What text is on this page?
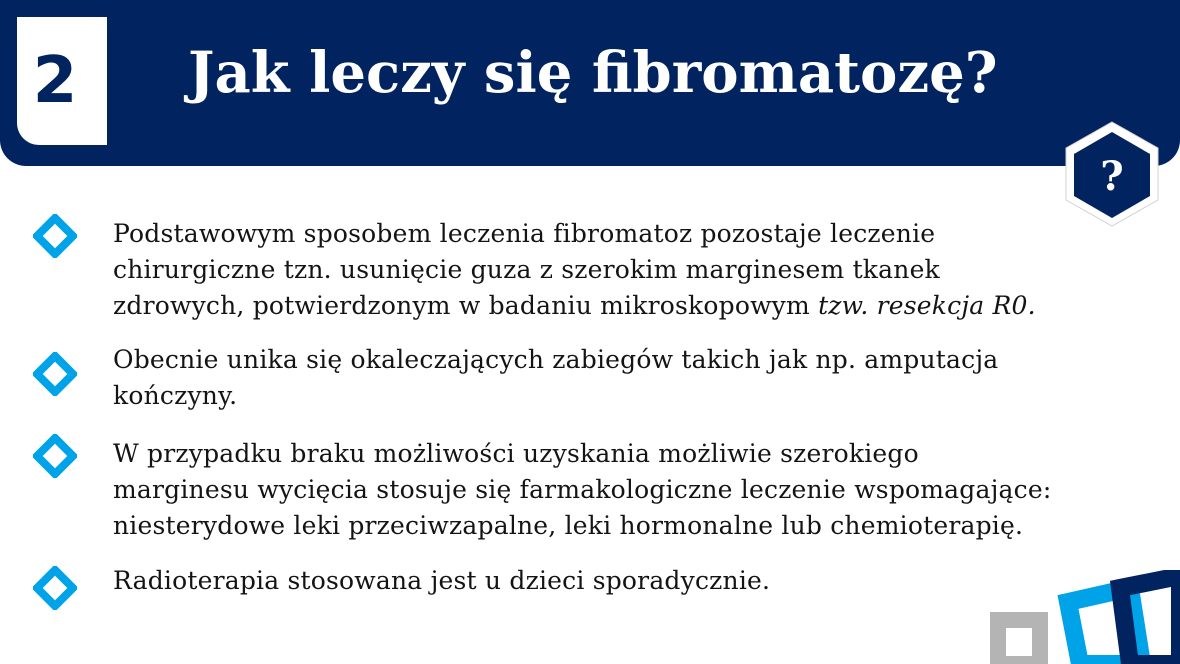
2 Jak leczy się fibromatozę?
?
Podstawowym sposobem leczenia fibromatoz pozostaje leczenie
chirurgiczne tzn. usunięcie guza z szerokim marginesem tkanek
zdrowych, potwierdzonym w badaniu mikroskopowym tzw. resekcja R0.
Obecnie unika się okaleczających zabiegów takich jak np. amputacja
kończyny.
W przypadku braku możliwości uzyskania możliwie szerokiego
marginesu wycięcia stosuje się farmakologiczne leczenie wspomagające:
niesterydowe leki przeciwzapalne, leki hormonalne lub chemioterapię.
Radioterapia stosowana jest u dzieci sporadycznie.
